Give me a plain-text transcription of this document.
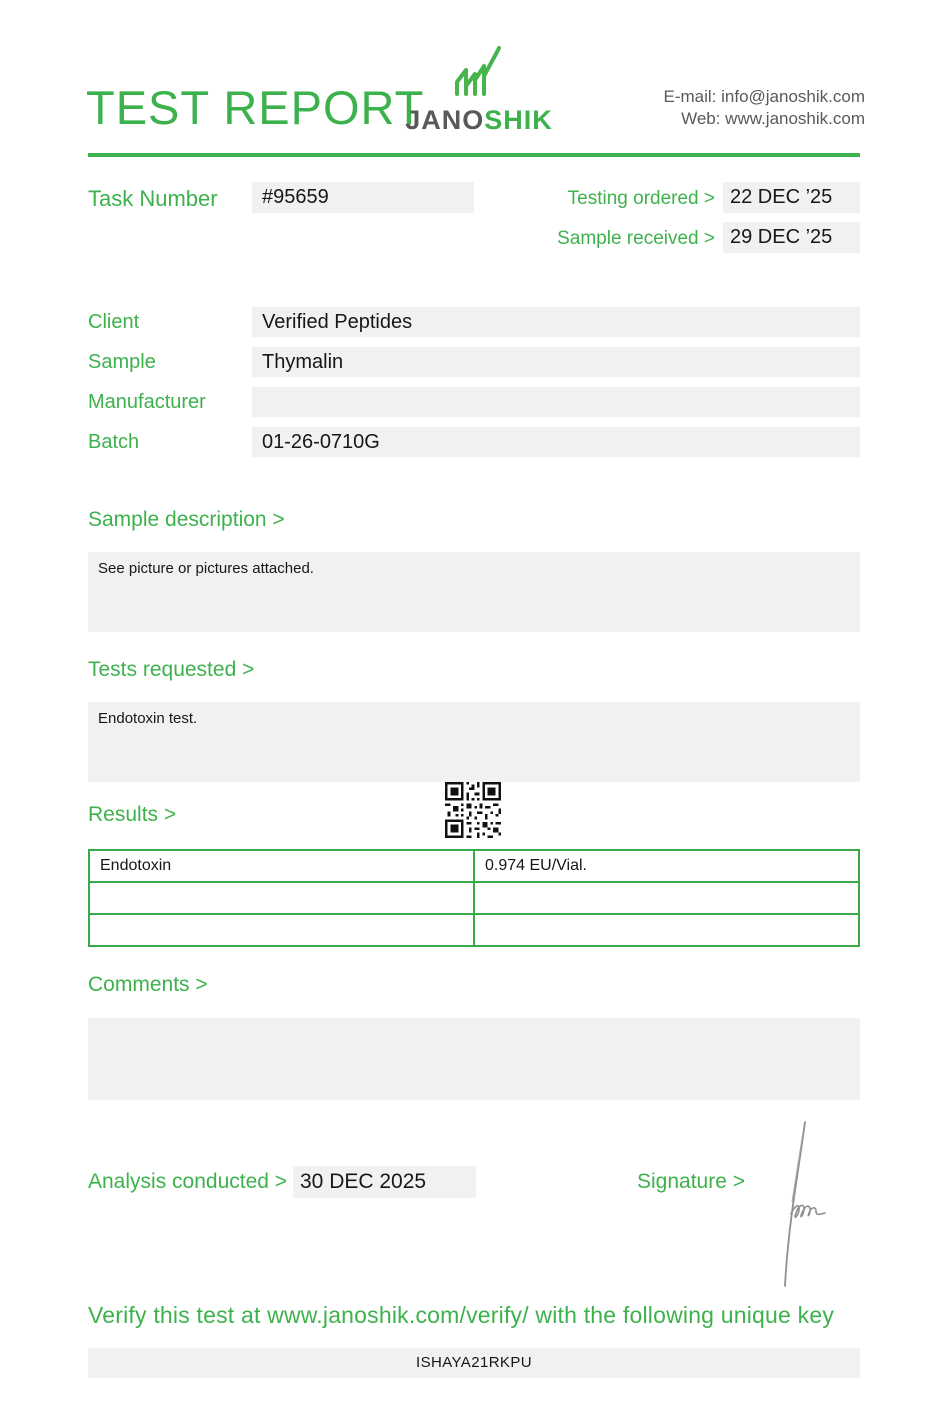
TEST REPORT
JANOSHIK
E-mail: info@janoshik.com
Web: www.janoshik.com
Task Number	#95659	Testing ordered > 22 DEC ’25
Sample received > 29 DEC ’25
Client	Verified Peptides
Sample	Thymalin
Manufacturer
Batch	01-26-0710G
Sample description >
See picture or pictures attached.
Tests requested >
Endotoxin test.
Results >
Endotoxin	0.974 EU/Vial.

Comments >
Analysis conducted > 30 DEC 2025	Signature >
Verify this test at www.janoshik.com/verify/ with the following unique key
ISHAYA21RKPU
